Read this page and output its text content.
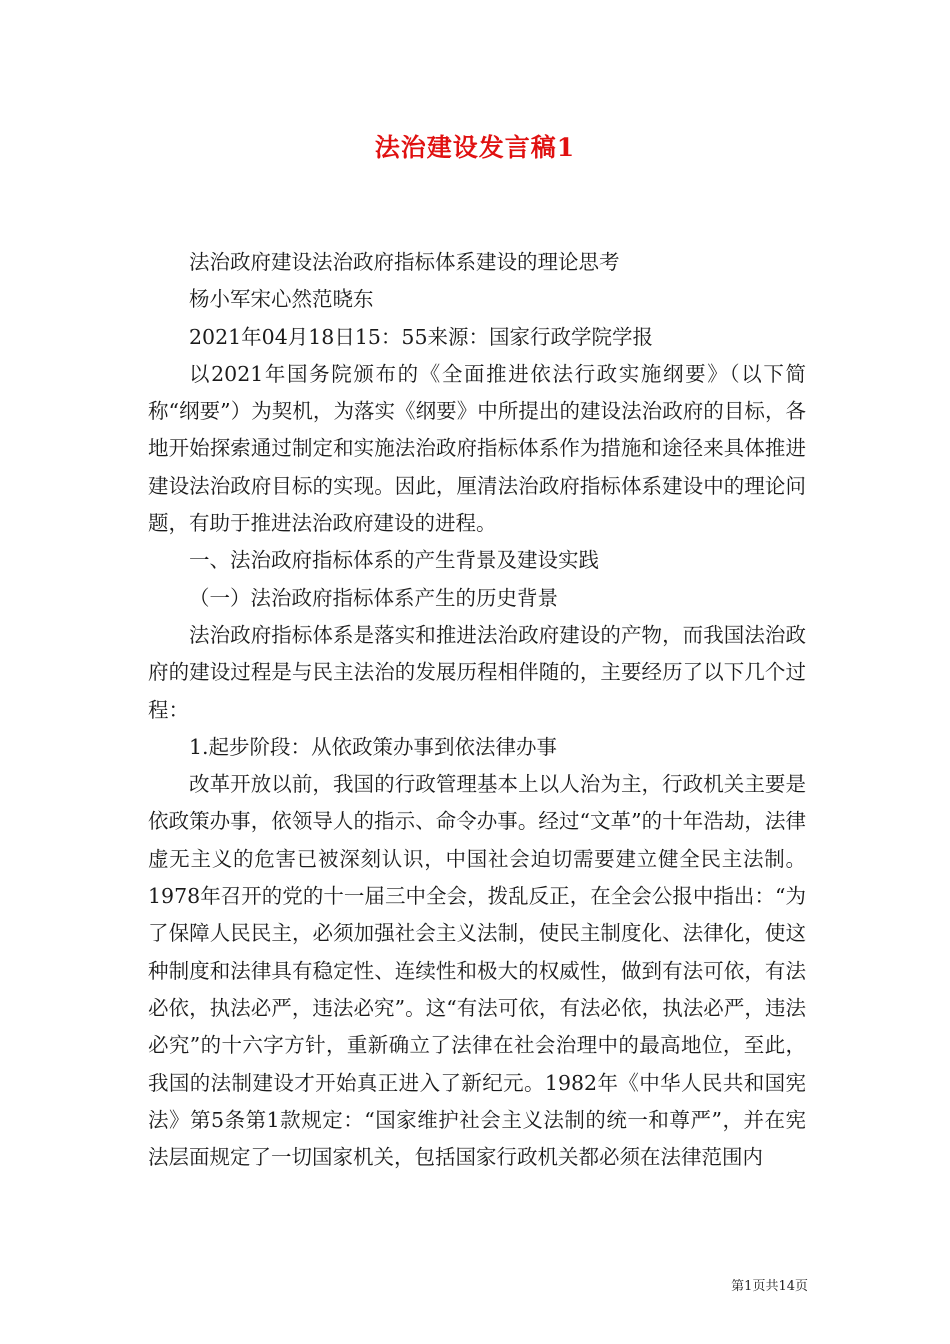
法治建设发言稿1

法治政府建设法治政府指标体系建设的理论思考

杨小军宋心然范晓东

2021年04月18日15：55来源：国家行政学院学报

以2021年国务院颁布的《全面推进依法行政实施纲要》（以下简称“纲要”）为契机，为落实《纲要》中所提出的建设法治政府的目标，各地开始探索通过制定和实施法治政府指标体系作为措施和途径来具体推进建设法治政府目标的实现。因此，厘清法治政府指标体系建设中的理论问题，有助于推进法治政府建设的进程。

一、法治政府指标体系的产生背景及建设实践

（一）法治政府指标体系产生的历史背景

法治政府指标体系是落实和推进法治政府建设的产物，而我国法治政府的建设过程是与民主法治的发展历程相伴随的，主要经历了以下几个过程：

1.起步阶段：从依政策办事到依法律办事

改革开放以前，我国的行政管理基本上以人治为主，行政机关主要是依政策办事，依领导人的指示、命令办事。经过“文革”的十年浩劫，法律虚无主义的危害已被深刻认识，中国社会迫切需要建立健全民主法制。1978年召开的党的十一届三中全会，拨乱反正，在全会公报中指出：“为了保障人民民主，必须加强社会主义法制，使民主制度化、法律化，使这种制度和法律具有稳定性、连续性和极大的权威性，做到有法可依，有法必依，执法必严，违法必究”。这“有法可依，有法必依，执法必严，违法必究”的十六字方针，重新确立了法律在社会治理中的最高地位，至此，我国的法制建设才开始真正进入了新纪元。1982年《中华人民共和国宪法》第5条第1款规定：“国家维护社会主义法制的统一和尊严”，并在宪法层面规定了一切国家机关，包括国家行政机关都必须在法律范围内

第1页共14页
